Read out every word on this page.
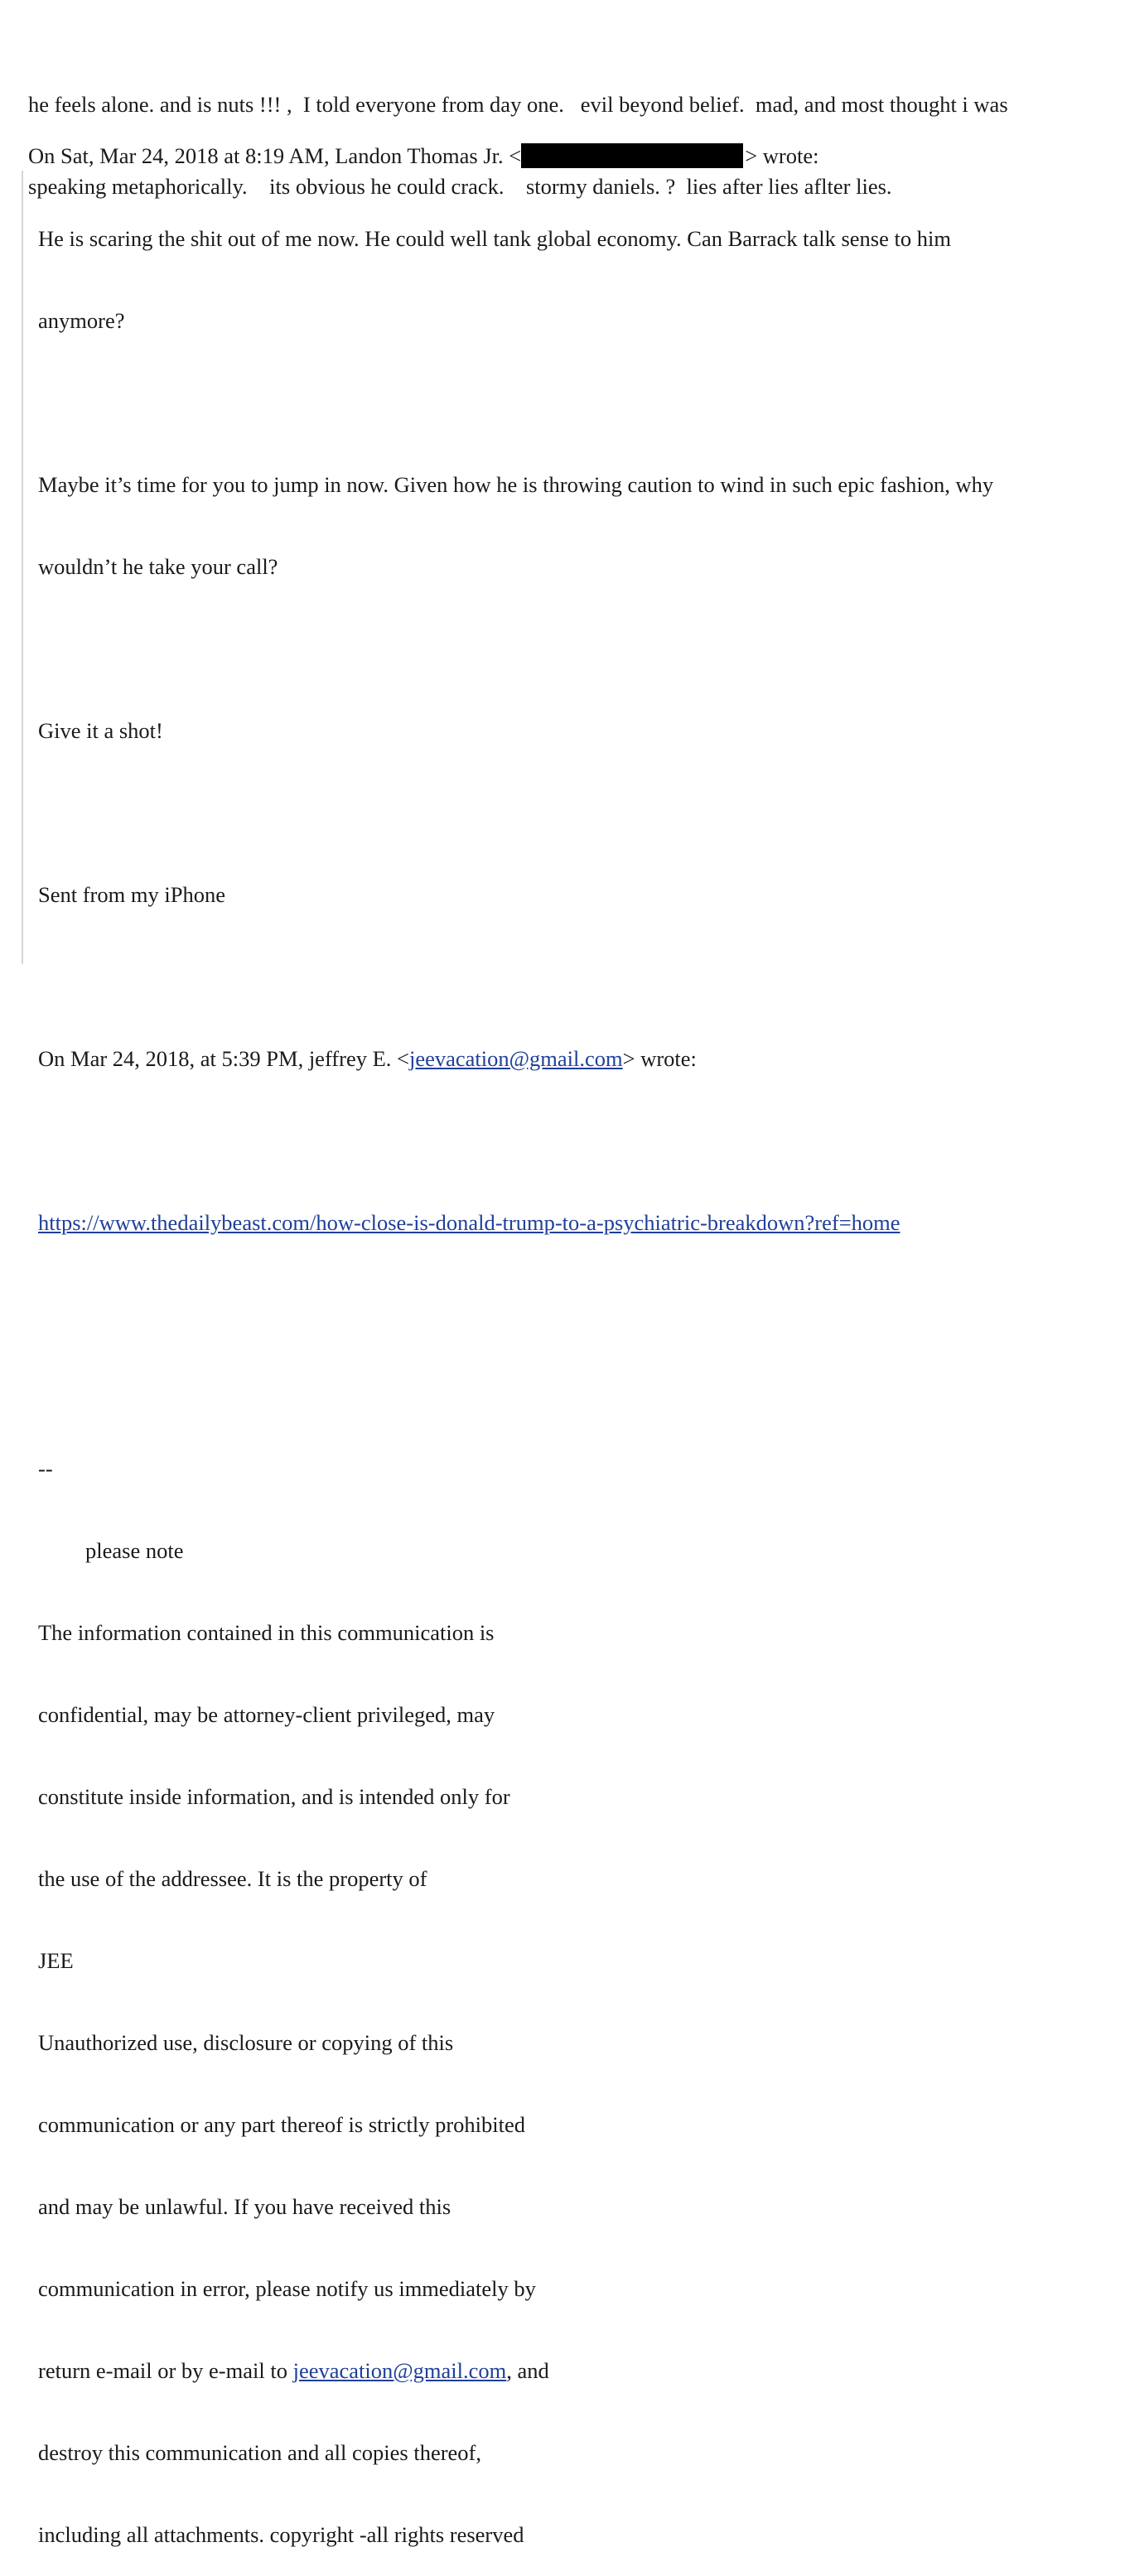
he feels alone. and is nuts !!! ,  I told everyone from day one.   evil beyond belief.  mad, and most thought i was

speaking metaphorically.    its obvious he could crack.    stormy daniels. ?  lies after lies aflter lies.

On Sat, Mar 24, 2018 at 8:19 AM, Landon Thomas Jr. <	> wrote:

He is scaring the shit out of me now. He could well tank global economy. Can Barrack talk sense to him

anymore?

Maybe it’s time for you to jump in now. Given how he is throwing caution to wind in such epic fashion, why

wouldn’t he take your call?

Give it a shot!

Sent from my iPhone

On Mar 24, 2018, at 5:39 PM, jeffrey E. <jeevacation@gmail.com> wrote:

https://www.thedailybeast.com/how-close-is-donald-trump-to-a-psychiatric-breakdown?ref=home

--

please note

The information contained in this communication is

confidential, may be attorney-client privileged, may

constitute inside information, and is intended only for

the use of the addressee. It is the property of

JEE

Unauthorized use, disclosure or copying of this

communication or any part thereof is strictly prohibited

and may be unlawful. If you have received this

communication in error, please notify us immediately by

return e-mail or by e-mail to jeevacation@gmail.com, and

destroy this communication and all copies thereof,

including all attachments. copyright -all rights reserved
